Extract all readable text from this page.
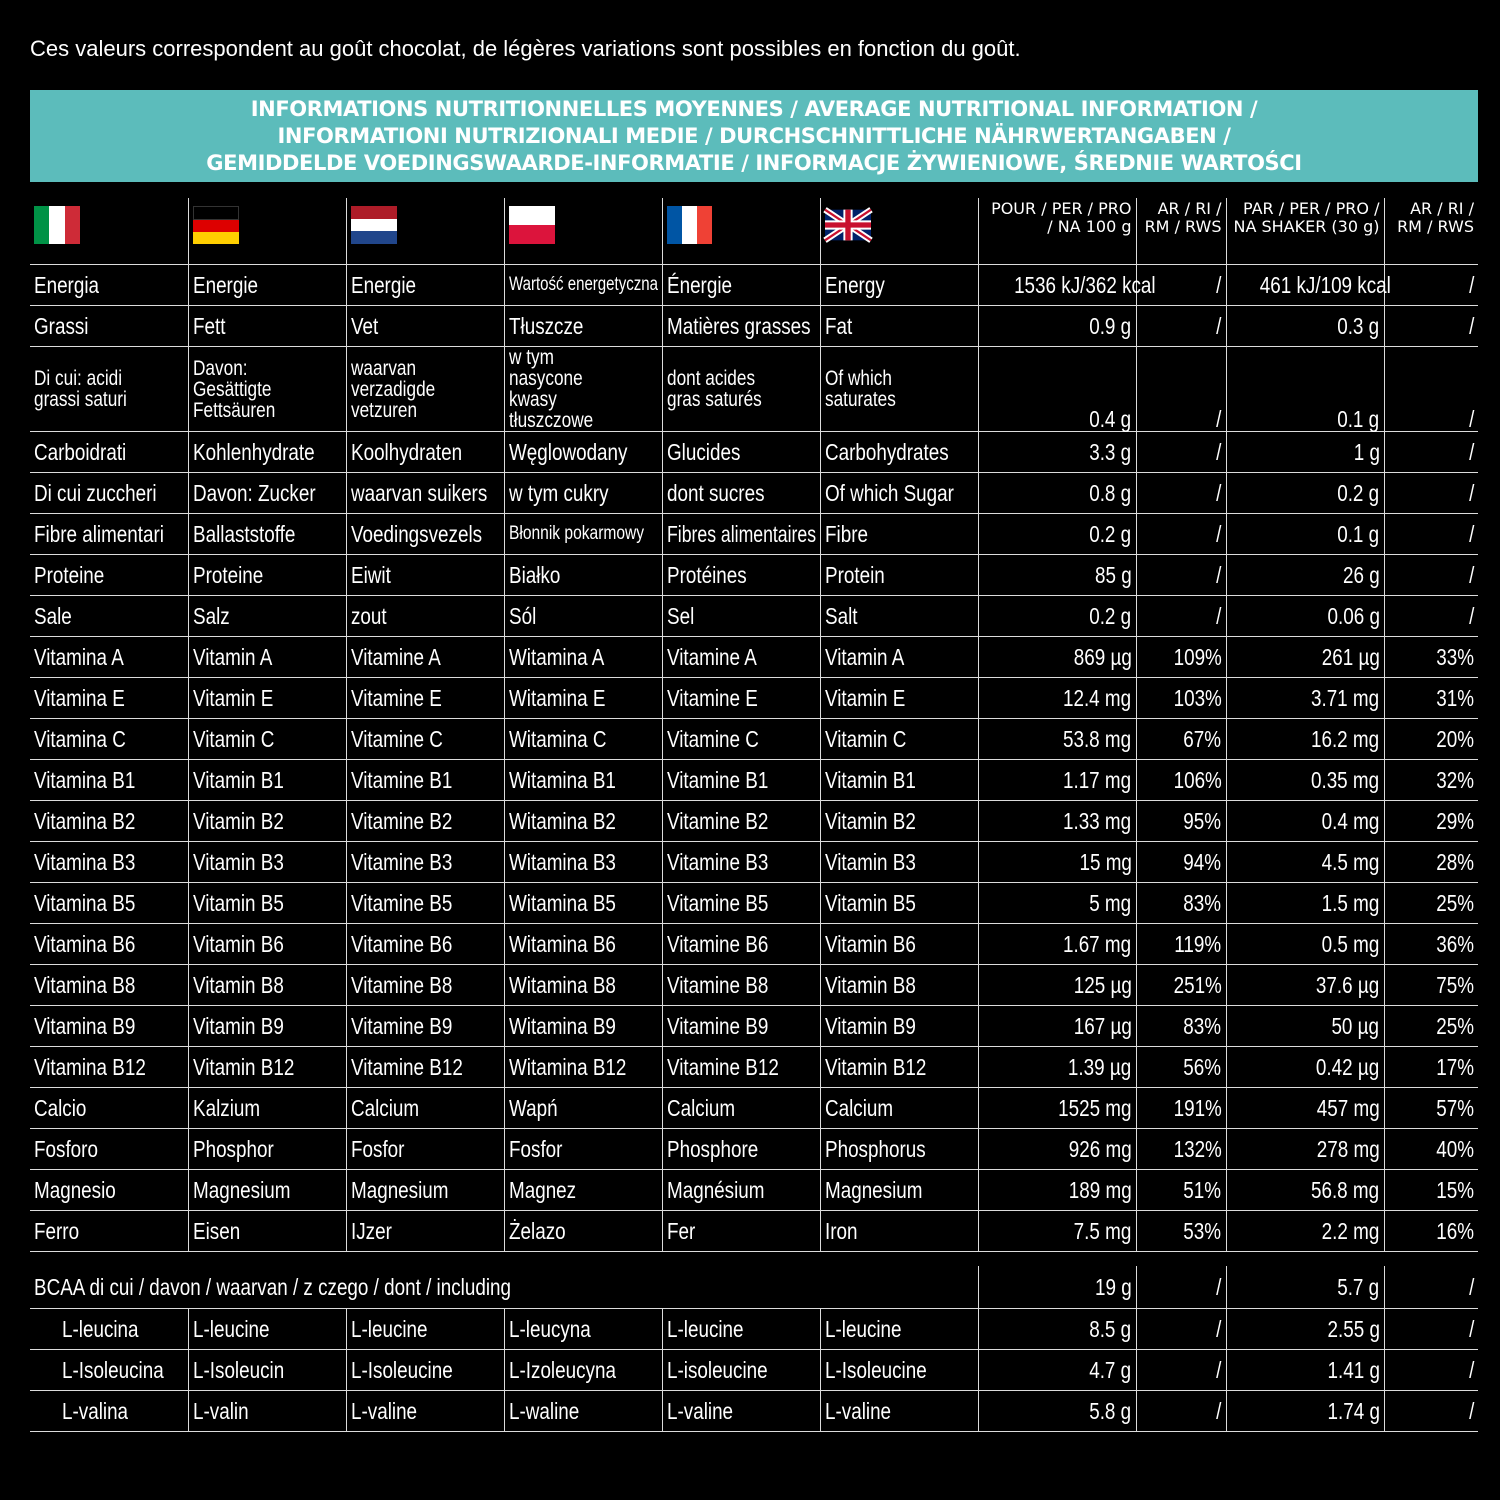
Ces valeurs correspondent au goût chocolat, de légères variations sont possibles en fonction du goût.
INFORMATIONS NUTRITIONNELLES MOYENNES / AVERAGE NUTRITIONAL INFORMATION /
INFORMATIONI NUTRIZIONALI MEDIE / DURCHSCHNITTLICHE NÄHRWERTANGABEN /
GEMIDDELDE VOEDINGSWAARDE-INFORMATIE / INFORMACJE ŻYWIENIOWE, ŚREDNIE WARTOŚCI

	POUR / PER / PRO / NA 100 g	AR / RI / RM / RWS	PAR / PER / PRO / NA SHAKER (30 g)	AR / RI / RM / RWS
Energia	Energie	Energie	Wartość energetyczna	Énergie	Energy	1536 kJ/362 kcal	/	461 kJ/109 kcal	/
Grassi	Fett	Vet	Tłuszcze	Matières grasses	Fat	0.9 g	/	0.3 g	/
Di cui: acidi grassi saturi	Davon: Gesättigte Fettsäuren	waarvan verzadigde vetzuren	w tym nasycone kwasy tłuszczowe	dont acides gras saturés	Of which saturates	0.4 g	/	0.1 g	/
Carboidrati	Kohlenhydrate	Koolhydraten	Węglowodany	Glucides	Carbohydrates	3.3 g	/	1 g	/
Di cui zuccheri	Davon: Zucker	waarvan suikers	w tym cukry	dont sucres	Of which Sugar	0.8 g	/	0.2 g	/
Fibre alimentari	Ballaststoffe	Voedingsvezels	Błonnik pokarmowy	Fibres alimentaires	Fibre	0.2 g	/	0.1 g	/
Proteine	Proteine	Eiwit	Białko	Protéines	Protein	85 g	/	26 g	/
Sale	Salz	zout	Sól	Sel	Salt	0.2 g	/	0.06 g	/
Vitamina A	Vitamin A	Vitamine A	Witamina A	Vitamine A	Vitamin A	869 µg	109%	261 µg	33%
Vitamina E	Vitamin E	Vitamine E	Witamina E	Vitamine E	Vitamin E	12.4 mg	103%	3.71 mg	31%
Vitamina C	Vitamin C	Vitamine C	Witamina C	Vitamine C	Vitamin C	53.8 mg	67%	16.2 mg	20%
Vitamina B1	Vitamin B1	Vitamine B1	Witamina B1	Vitamine B1	Vitamin B1	1.17 mg	106%	0.35 mg	32%
Vitamina B2	Vitamin B2	Vitamine B2	Witamina B2	Vitamine B2	Vitamin B2	1.33 mg	95%	0.4 mg	29%
Vitamina B3	Vitamin B3	Vitamine B3	Witamina B3	Vitamine B3	Vitamin B3	15 mg	94%	4.5 mg	28%
Vitamina B5	Vitamin B5	Vitamine B5	Witamina B5	Vitamine B5	Vitamin B5	5 mg	83%	1.5 mg	25%
Vitamina B6	Vitamin B6	Vitamine B6	Witamina B6	Vitamine B6	Vitamin B6	1.67 mg	119%	0.5 mg	36%
Vitamina B8	Vitamin B8	Vitamine B8	Witamina B8	Vitamine B8	Vitamin B8	125 µg	251%	37.6 µg	75%
Vitamina B9	Vitamin B9	Vitamine B9	Witamina B9	Vitamine B9	Vitamin B9	167 µg	83%	50 µg	25%
Vitamina B12	Vitamin B12	Vitamine B12	Witamina B12	Vitamine B12	Vitamin B12	1.39 µg	56%	0.42 µg	17%
Calcio	Kalzium	Calcium	Wapń	Calcium	Calcium	1525 mg	191%	457 mg	57%
Fosforo	Phosphor	Fosfor	Fosfor	Phosphore	Phosphorus	926 mg	132%	278 mg	40%
Magnesio	Magnesium	Magnesium	Magnez	Magnésium	Magnesium	189 mg	51%	56.8 mg	15%
Ferro	Eisen	IJzer	Żelazo	Fer	Iron	7.5 mg	53%	2.2 mg	16%

BCAA di cui / davon / waarvan / z czego / dont / including						19 g	/	5.7 g	/
L-leucina	L-leucine	L-leucine	L-leucyna	L-leucine	L-leucine	8.5 g	/	2.55 g	/
L-Isoleucina	L-Isoleucin	L-Isoleucine	L-Izoleucyna	L-isoleucine	L-Isoleucine	4.7 g	/	1.41 g	/
L-valina	L-valin	L-valine	L-waline	L-valine	L-valine	5.8 g	/	1.74 g	/
